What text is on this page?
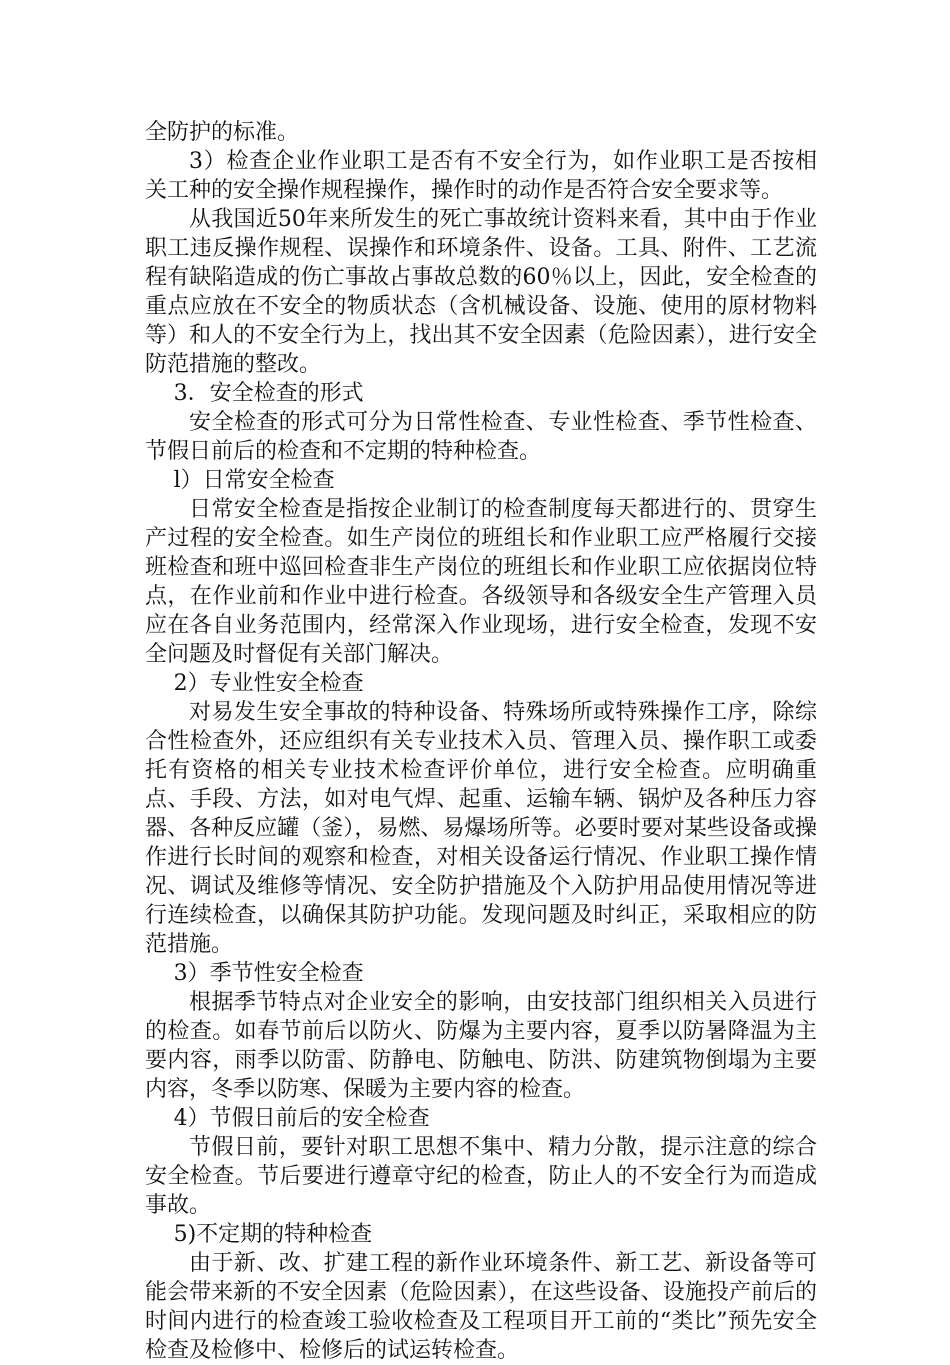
全防护的标准。

3）检查企业作业职工是否有不安全行为，如作业职工是否按相关工种的安全操作规程操作，操作时的动作是否符合安全要求等。

从我国近50年来所发生的死亡事故统计资料来看，其中由于作业职工违反操作规程、误操作和环境条件、设备。工具、附件、工艺流程有缺陷造成的伤亡事故占事故总数的60％以上，因此，安全检查的重点应放在不安全的物质状态（含机械设备、设施、使用的原材物料等）和人的不安全行为上，找出其不安全因素（危险因素），进行安全防范措施的整改。

3．安全检查的形式

安全检查的形式可分为日常性检查、专业性检查、季节性检查、节假日前后的检查和不定期的特种检查。

l）日常安全检查

日常安全检查是指按企业制订的检查制度每天都进行的、贯穿生产过程的安全检查。如生产岗位的班组长和作业职工应严格履行交接班检查和班中巡回检查非生产岗位的班组长和作业职工应依据岗位特点，在作业前和作业中进行检查。各级领导和各级安全生产管理入员应在各自业务范围内，经常深入作业现场，进行安全检查，发现不安全问题及时督促有关部门解决。

2）专业性安全检查

对易发生安全事故的特种设备、特殊场所或特殊操作工序，除综合性检查外，还应组织有关专业技术入员、管理入员、操作职工或委托有资格的相关专业技术检查评价单位，进行安全检查。应明确重点、手段、方法，如对电气焊、起重、运输车辆、锅炉及各种压力容器、各种反应罐（釜），易燃、易爆场所等。必要时要对某些设备或操作进行长时间的观察和检查，对相关设备运行情况、作业职工操作情况、调试及维修等情况、安全防护措施及个入防护用品使用情况等进行连续检查，以确保其防护功能。发现问题及时纠正，采取相应的防范措施。

3）季节性安全检查

根据季节特点对企业安全的影响，由安技部门组织相关入员进行的检查。如春节前后以防火、防爆为主要内容，夏季以防暑降温为主要内容，雨季以防雷、防静电、防触电、防洪、防建筑物倒塌为主要内容，冬季以防寒、保暖为主要内容的检查。

4）节假日前后的安全检查

节假日前，要针对职工思想不集中、精力分散，提示注意的综合安全检查。节后要进行遵章守纪的检查，防止人的不安全行为而造成事故。

5)不定期的特种检查

由于新、改、扩建工程的新作业环境条件、新工艺、新设备等可能会带来新的不安全因素（危险因素），在这些设备、设施投产前后的时间内进行的检查竣工验收检查及工程项目开工前的“类比”预先安全检查及检修中、检修后的试运转检查。
